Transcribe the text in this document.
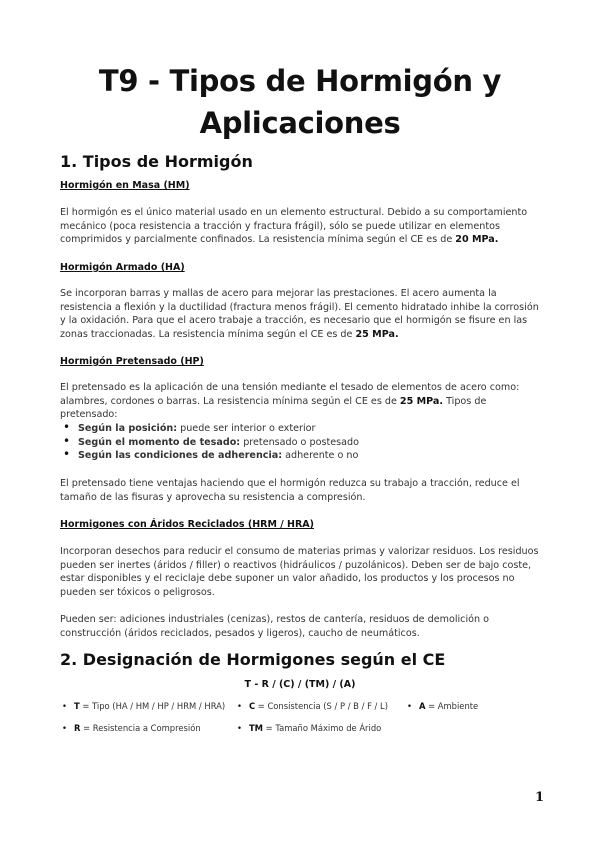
T9 - Tipos de Hormigón y
Aplicaciones
1. Tipos de Hormigón

Hormigón en Masa (HM)

El hormigón es el único material usado en un elemento estructural. Debido a su comportamiento mecánico (poca resistencia a tracción y fractura frágil), sólo se puede utilizar en elementos comprimidos y parcialmente confinados. La resistencia mínima según el CE es de 20 MPa.

Hormigón Armado (HA)

Se incorporan barras y mallas de acero para mejorar las prestaciones. El acero aumenta la resistencia a flexión y la ductilidad (fractura menos frágil). El cemento hidratado inhibe la corrosión y la oxidación. Para que el acero trabaje a tracción, es necesario que el hormigón se fisure en las zonas traccionadas. La resistencia mínima según el CE es de 25 MPa.

Hormigón Pretensado (HP)

El pretensado es la aplicación de una tensión mediante el tesado de elementos de acero como: alambres, cordones o barras. La resistencia mínima según el CE es de 25 MPa. Tipos de pretensado:

• Según la posición: puede ser interior o exterior
• Según el momento de tesado: pretensado o postesado
• Según las condiciones de adherencia: adherente o no

El pretensado tiene ventajas haciendo que el hormigón reduzca su trabajo a tracción, reduce el tamaño de las fisuras y aprovecha su resistencia a compresión.

Hormigones con Áridos Reciclados (HRM / HRA)

Incorporan desechos para reducir el consumo de materias primas y valorizar residuos. Los residuos pueden ser inertes (áridos / filler) o reactivos (hidráulicos / puzolánicos). Deben ser de bajo coste, estar disponibles y el reciclaje debe suponer un valor añadido, los productos y los procesos no pueden ser tóxicos o peligrosos.

Pueden ser: adiciones industriales (cenizas), restos de cantería, residuos de demolición o construcción (áridos reciclados, pesados y ligeros), caucho de neumáticos.

2. Designación de Hormigones según el CE
T - R / (C) / (TM) / (A)
• T = Tipo (HA / HM / HP / HRM / HRA)	• C = Consistencia (S / P / B / F / L)	• A = Ambiente
• R = Resistencia a Compresión	• TM = Tamaño Máximo de Árido
1
